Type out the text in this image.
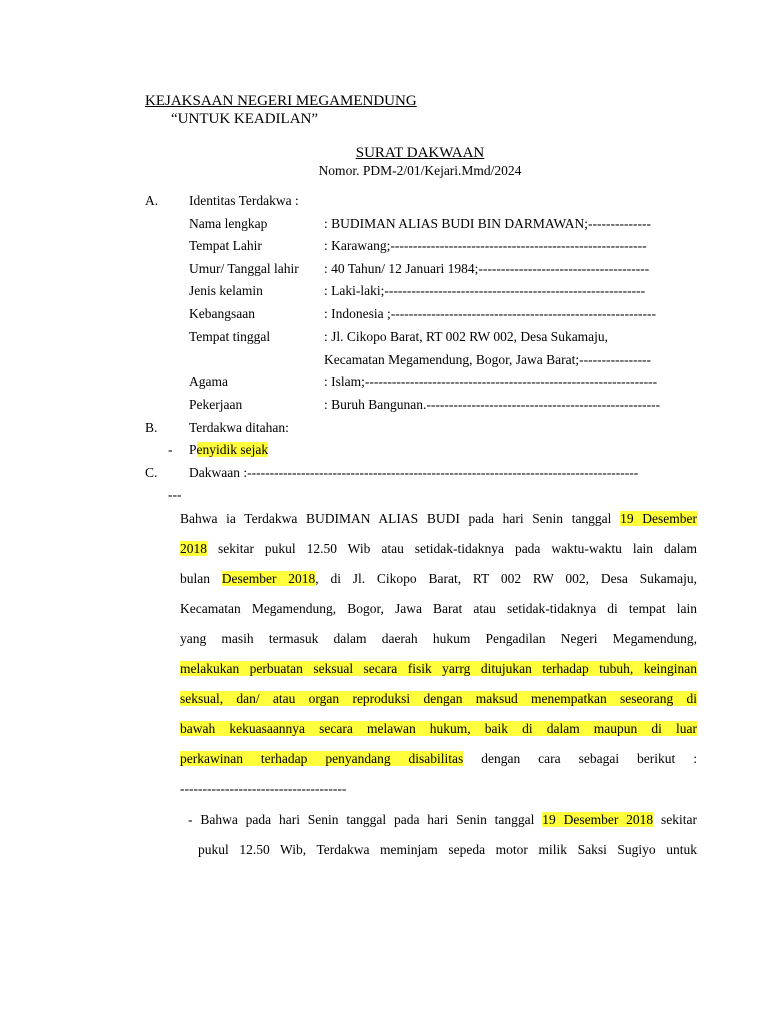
KEJAKSAAN NEGERI MEGAMENDUNG
“UNTUK KEADILAN”
SURAT DAKWAAN
Nomor. PDM-2/01/Kejari.Mmd/2024
A. Identitas Terdakwa :
Nama lengkap	: BUDIMAN ALIAS BUDI BIN DARMAWAN;--------------
Tempat Lahir	: Karawang;---------------------------------------------------------
Umur/ Tanggal lahir : 40 Tahun/ 12 Januari 1984;--------------------------------------
Jenis kelamin	: Laki-laki;----------------------------------------------------------
Kebangsaan	: Indonesia ;-----------------------------------------------------------
Tempat tinggal	: Jl. Cikopo Barat, RT 002 RW 002, Desa Sukamaju,
Kecamatan Megamendung, Bogor, Jawa Barat;----------------
Agama	: Islam;-----------------------------------------------------------------
Pekerjaan	: Buruh Bangunan.----------------------------------------------------
B. Terdakwa ditahan:
- Penyidik sejak
C. Dakwaan :---------------------------------------------------------------------------------------
---
Bahwa ia Terdakwa BUDIMAN ALIAS BUDI pada hari Senin tanggal 19 Desember
2018 sekitar pukul 12.50 Wib atau setidak-tidaknya pada waktu-waktu lain dalam
bulan Desember 2018, di Jl. Cikopo Barat, RT 002 RW 002, Desa Sukamaju,
Kecamatan Megamendung, Bogor, Jawa Barat atau setidak-tidaknya di tempat lain
yang masih termasuk dalam daerah hukum Pengadilan Negeri Megamendung,
melakukan perbuatan seksual secara fisik yarrg ditujukan terhadap tubuh, keinginan
seksual, dan/ atau organ reproduksi dengan maksud menempatkan seseorang di
bawah kekuasaannya secara melawan hukum, baik di dalam maupun di luar
perkawinan terhadap penyandang disabilitas dengan cara sebagai berikut :
-------------------------------------
- Bahwa pada hari Senin tanggal pada hari Senin tanggal 19 Desember 2018 sekitar
pukul 12.50 Wib, Terdakwa meminjam sepeda motor milik Saksi Sugiyo untuk
